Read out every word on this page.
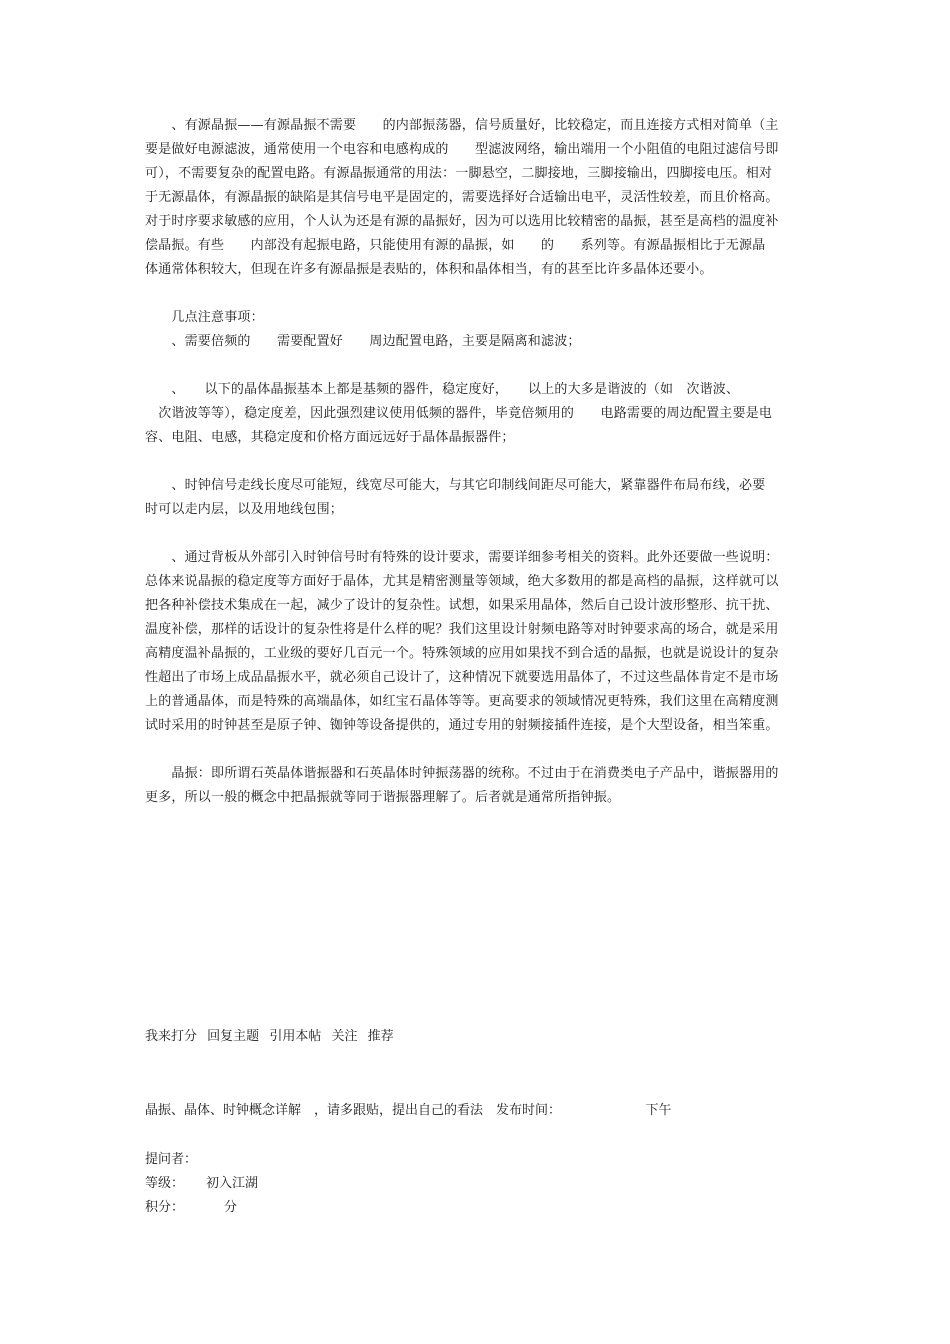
　　、有源晶振——有源晶振不需要　　的内部振荡器，信号质量好，比较稳定，而且连接方式相对简单（主
要是做好电源滤波，通常使用一个电容和电感构成的　　型滤波网络，输出端用一个小阻值的电阻过滤信号即
可），不需要复杂的配置电路。有源晶振通常的用法：一脚悬空，二脚接地，三脚接输出，四脚接电压。相对
于无源晶体，有源晶振的缺陷是其信号电平是固定的，需要选择好合适输出电平，灵活性较差，而且价格高。
对于时序要求敏感的应用，个人认为还是有源的晶振好，因为可以选用比较精密的晶振，甚至是高档的温度补
偿晶振。有些　　内部没有起振电路，只能使用有源的晶振，如　　的　　系列等。有源晶振相比于无源晶
体通常体积较大，但现在许多有源晶振是表贴的，体积和晶体相当，有的甚至比许多晶体还要小。

　　几点注意事项：
　　、需要倍频的　　需要配置好　　周边配置电路，主要是隔离和滤波；

　　、　　以下的晶体晶振基本上都是基频的器件，稳定度好，　　以上的大多是谐波的（如　次谐波、
　次谐波等等），稳定度差，因此强烈建议使用低频的器件，毕竟倍频用的　　电路需要的周边配置主要是电
容、电阻、电感，其稳定度和价格方面远远好于晶体晶振器件；

　　、时钟信号走线长度尽可能短，线宽尽可能大，与其它印制线间距尽可能大，紧靠器件布局布线，必要
时可以走内层，以及用地线包围；

　　、通过背板从外部引入时钟信号时有特殊的设计要求，需要详细参考相关的资料。此外还要做一些说明：
总体来说晶振的稳定度等方面好于晶体，尤其是精密测量等领域，绝大多数用的都是高档的晶振，这样就可以
把各种补偿技术集成在一起，减少了设计的复杂性。试想，如果采用晶体，然后自己设计波形整形、抗干扰、
温度补偿，那样的话设计的复杂性将是什么样的呢？我们这里设计射频电路等对时钟要求高的场合，就是采用
高精度温补晶振的，工业级的要好几百元一个。特殊领域的应用如果找不到合适的晶振，也就是说设计的复杂
性超出了市场上成品晶振水平，就必须自己设计了，这种情况下就要选用晶体了，不过这些晶体肯定不是市场
上的普通晶体，而是特殊的高端晶体，如红宝石晶体等等。更高要求的领域情况更特殊，我们这里在高精度测
试时采用的时钟甚至是原子钟、铷钟等设备提供的，通过专用的射频接插件连接，是个大型设备，相当笨重。

　　晶振：即所谓石英晶体谐振器和石英晶体时钟振荡器的统称。不过由于在消费类电子产品中，谐振器用的
更多，所以一般的概念中把晶振就等同于谐振器理解了。后者就是通常所指钟振。

我来打分 回复主题 引用本帖 关注 推荐
晶振、晶体、时钟概念详解　，请多跟贴，提出自己的看法　发布时间：　　　　　　　下午
提问者：
等级： 初入江湖
积分：	分
